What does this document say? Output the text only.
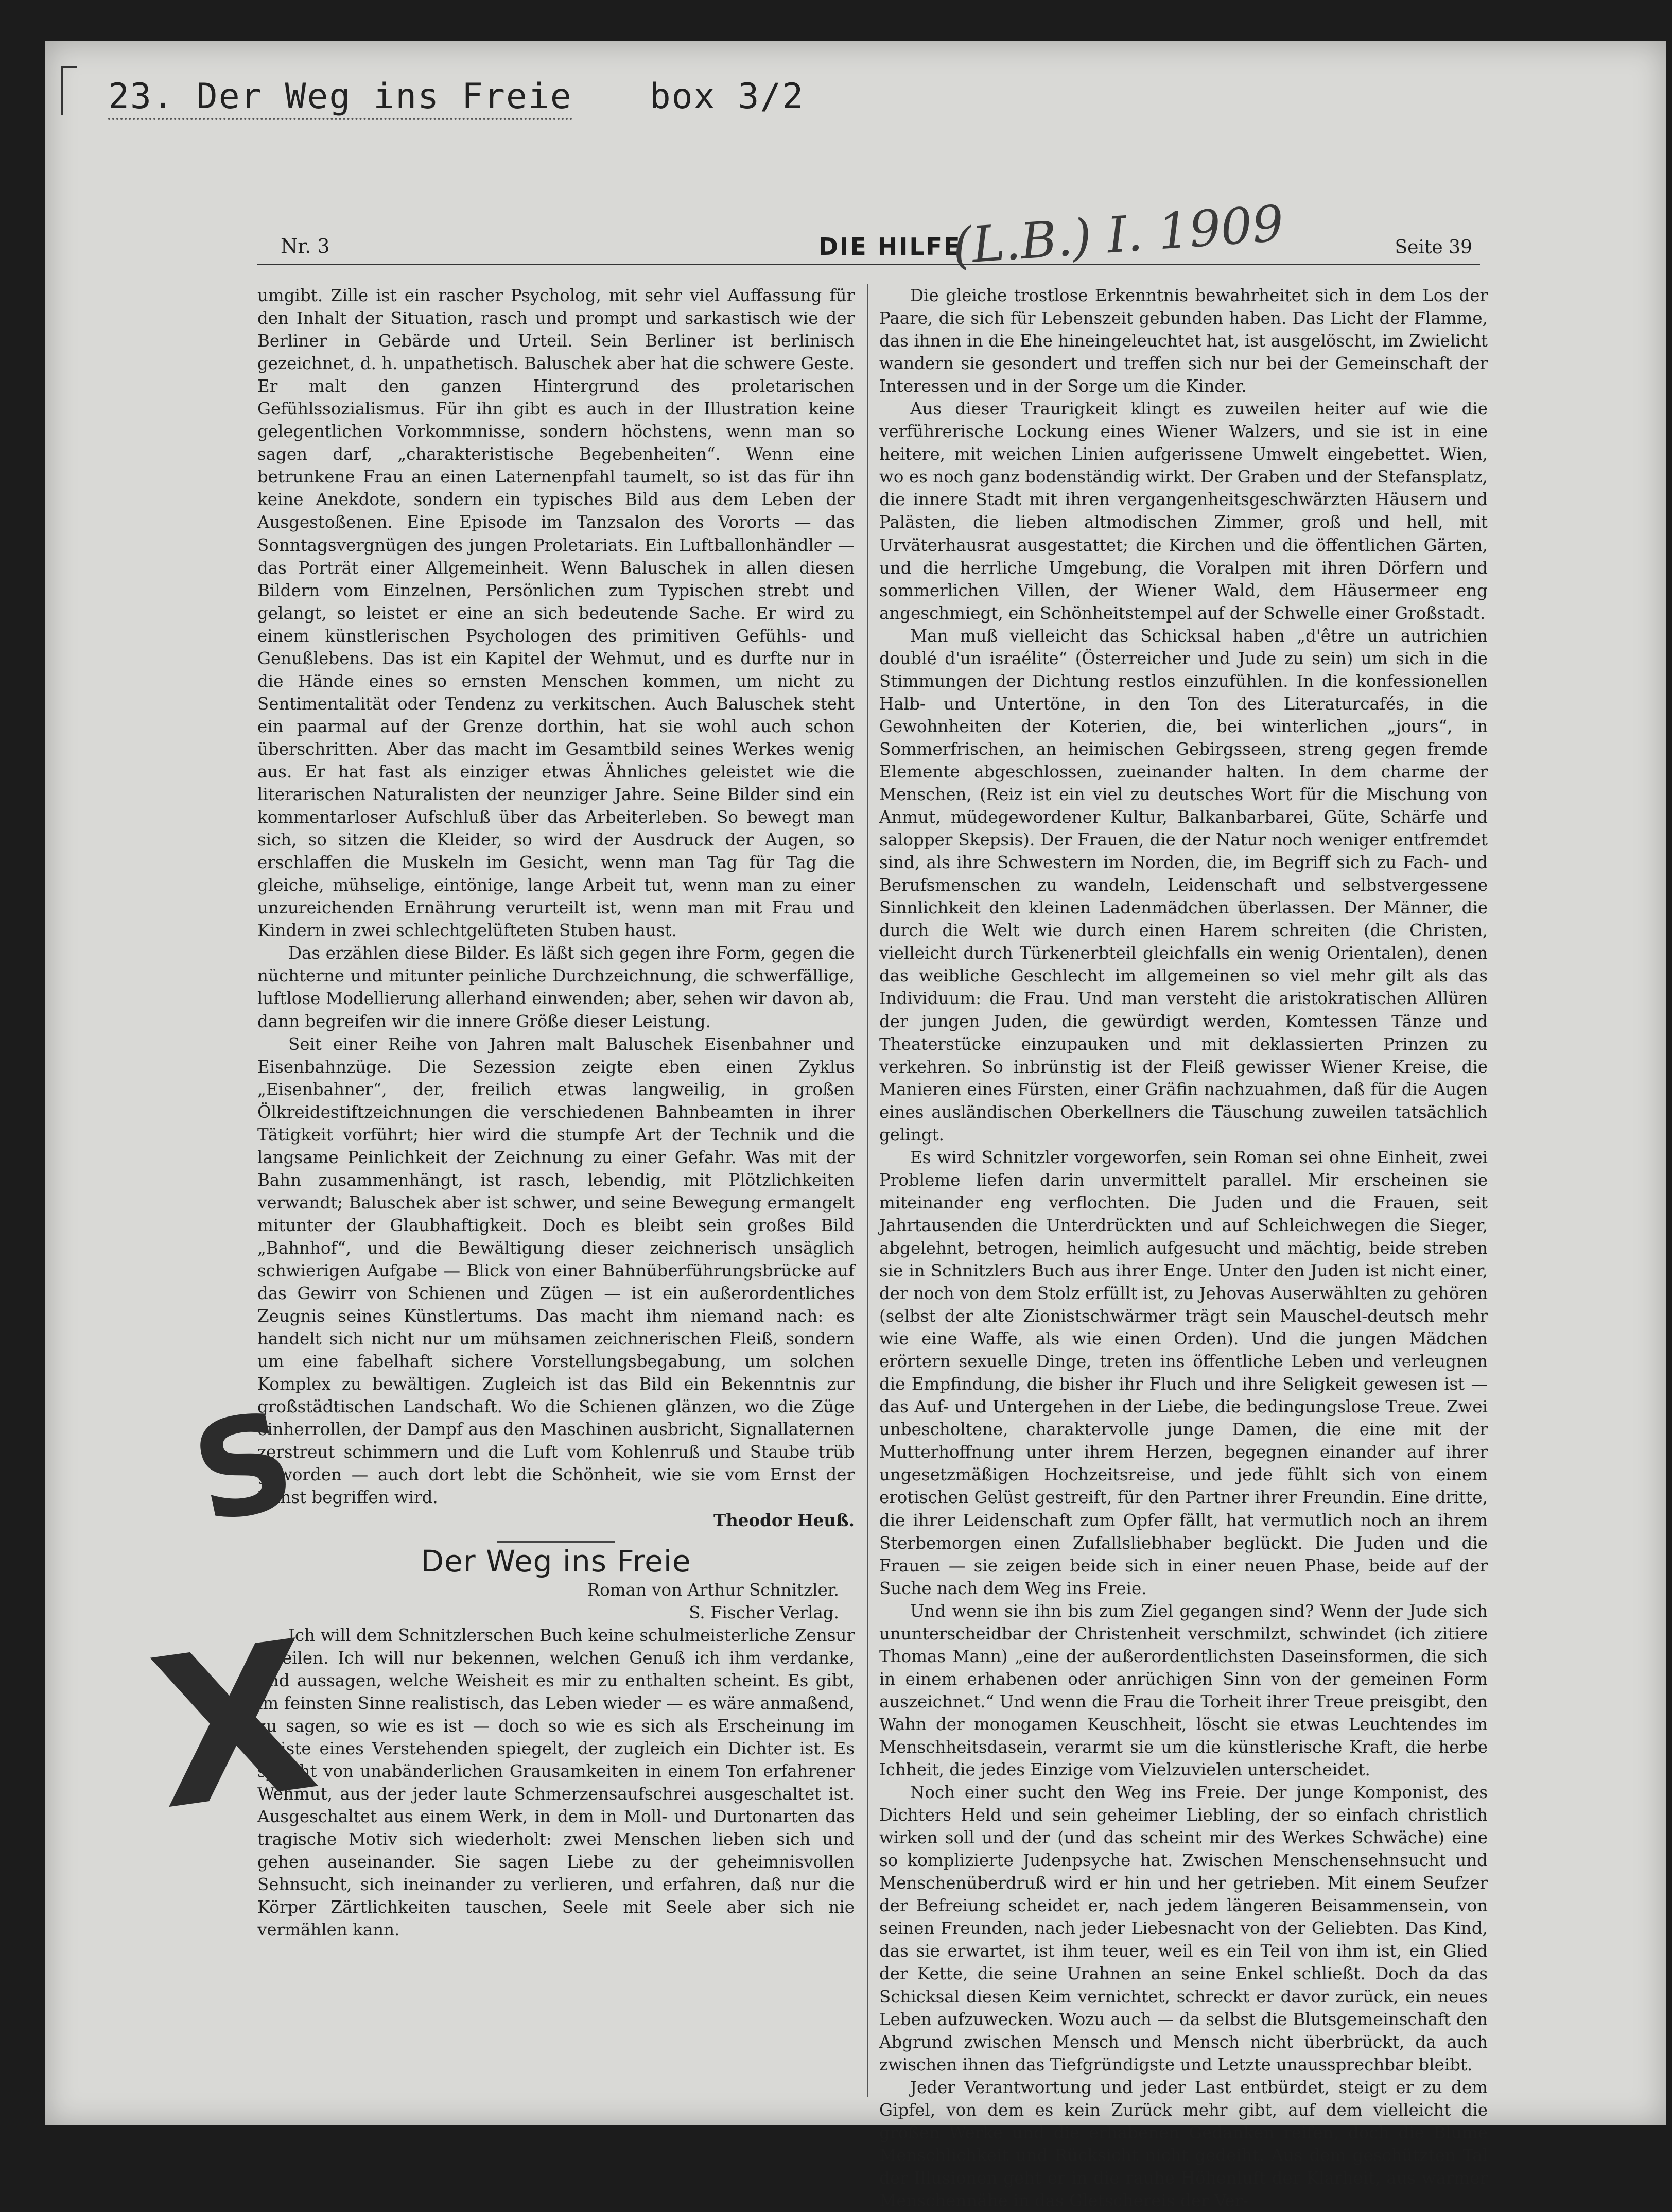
23. Der Weg ins Freie box 3/2
Nr. 3	DIE HILFE	Seite 39
(L.B.) I. 1909

umgibt. Zille ist ein rascher Psycholog, mit sehr viel Auffassung für den Inhalt der Situation, rasch und prompt und sarkastisch wie der Berliner in Gebärde und Urteil. Sein Berliner ist berlinisch gezeichnet, d. h. unpathetisch. Baluschek aber hat die schwere Geste. Er malt den ganzen Hintergrund des proletarischen Gefühlssozialismus. Für ihn gibt es auch in der Illustration keine gelegentlichen Vorkommnisse, sondern höchstens, wenn man so sagen darf, „charakteristische Begebenheiten“. Wenn eine betrunkene Frau an einen Laternenpfahl taumelt, so ist das für ihn keine Anekdote, sondern ein typisches Bild aus dem Leben der Ausgestoßenen. Eine Episode im Tanzsalon des Vororts — das Sonntagsvergnügen des jungen Proletariats. Ein Luftballonhändler — das Porträt einer Allgemeinheit. Wenn Baluschek in allen diesen Bildern vom Einzelnen, Persönlichen zum Typischen strebt und gelangt, so leistet er eine an sich bedeutende Sache. Er wird zu einem künstlerischen Psychologen des primitiven Gefühls- und Genußlebens. Das ist ein Kapitel der Wehmut, und es durfte nur in die Hände eines so ernsten Menschen kommen, um nicht zu Sentimentalität oder Tendenz zu verkitschen. Auch Baluschek steht ein paarmal auf der Grenze dorthin, hat sie wohl auch schon überschritten. Aber das macht im Gesamtbild seines Werkes wenig aus. Er hat fast als einziger etwas Ähnliches geleistet wie die literarischen Naturalisten der neunziger Jahre. Seine Bilder sind ein kommentarloser Aufschluß über das Arbeiterleben. So bewegt man sich, so sitzen die Kleider, so wird der Ausdruck der Augen, so erschlaffen die Muskeln im Gesicht, wenn man Tag für Tag die gleiche, mühselige, eintönige, lange Arbeit tut, wenn man zu einer unzureichenden Ernährung verurteilt ist, wenn man mit Frau und Kindern in zwei schlechtgelüfteten Stuben haust.

Das erzählen diese Bilder. Es läßt sich gegen ihre Form, gegen die nüchterne und mitunter peinliche Durchzeichnung, die schwerfällige, luftlose Modellierung allerhand einwenden; aber, sehen wir davon ab, dann begreifen wir die innere Größe dieser Leistung.

Seit einer Reihe von Jahren malt Baluschek Eisenbahner und Eisenbahnzüge. Die Sezession zeigte eben einen Zyklus „Eisenbahner“, der, freilich etwas langweilig, in großen Ölkreidestiftzeichnungen die verschiedenen Bahnbeamten in ihrer Tätigkeit vorführt; hier wird die stumpfe Art der Technik und die langsame Peinlichkeit der Zeichnung zu einer Gefahr. Was mit der Bahn zusammenhängt, ist rasch, lebendig, mit Plötzlichkeiten verwandt; Baluschek aber ist schwer, und seine Bewegung ermangelt mitunter der Glaubhaftigkeit. Doch es bleibt sein großes Bild „Bahnhof“, und die Bewältigung dieser zeichnerisch unsäglich schwierigen Aufgabe — Blick von einer Bahnüberführungsbrücke auf das Gewirr von Schienen und Zügen — ist ein außerordentliches Zeugnis seines Künstlertums. Das macht ihm niemand nach: es handelt sich nicht nur um mühsamen zeichnerischen Fleiß, sondern um eine fabelhaft sichere Vorstellungsbegabung, um solchen Komplex zu bewältigen. Zugleich ist das Bild ein Bekenntnis zur großstädtischen Landschaft. Wo die Schienen glänzen, wo die Züge einherrollen, der Dampf aus den Maschinen ausbricht, Signallaternen zerstreut schimmern und die Luft vom Kohlenruß und Staube trüb geworden — auch dort lebt die Schönheit, wie sie vom Ernst der Kunst begriffen wird.

Theodor Heuß.
Der Weg ins Freie
Roman von Arthur Schnitzler.
S. Fischer Verlag.

Ich will dem Schnitzlerschen Buch keine schulmeisterliche Zensur erteilen. Ich will nur bekennen, welchen Genuß ich ihm verdanke, und aussagen, welche Weisheit es mir zu enthalten scheint. Es gibt, im feinsten Sinne realistisch, das Leben wieder — es wäre anmaßend, zu sagen, so wie es ist — doch so wie es sich als Erscheinung im Geiste eines Verstehenden spiegelt, der zugleich ein Dichter ist. Es spricht von unabänderlichen Grausamkeiten in einem Ton erfahrener Wehmut, aus der jeder laute Schmerzensaufschrei ausgeschaltet ist. Ausgeschaltet aus einem Werk, in dem in Moll- und Durtonarten das tragische Motiv sich wiederholt: zwei Menschen lieben sich und gehen auseinander. Sie sagen Liebe zu der geheimnisvollen Sehnsucht, sich ineinander zu verlieren, und erfahren, daß nur die Körper Zärtlichkeiten tauschen, Seele mit Seele aber sich nie vermählen kann.

Die gleiche trostlose Erkenntnis bewahrheitet sich in dem Los der Paare, die sich für Lebenszeit gebunden haben. Das Licht der Flamme, das ihnen in die Ehe hineingeleuchtet hat, ist ausgelöscht, im Zwielicht wandern sie gesondert und treffen sich nur bei der Gemeinschaft der Interessen und in der Sorge um die Kinder.

Aus dieser Traurigkeit klingt es zuweilen heiter auf wie die verführerische Lockung eines Wiener Walzers, und sie ist in eine heitere, mit weichen Linien aufgerissene Umwelt eingebettet. Wien, wo es noch ganz bodenständig wirkt. Der Graben und der Stefansplatz, die innere Stadt mit ihren vergangenheitsgeschwärzten Häusern und Palästen, die lieben altmodischen Zimmer, groß und hell, mit Urväterhausrat ausgestattet; die Kirchen und die öffentlichen Gärten, und die herrliche Umgebung, die Voralpen mit ihren Dörfern und sommerlichen Villen, der Wiener Wald, dem Häusermeer eng angeschmiegt, ein Schönheitstempel auf der Schwelle einer Großstadt.

Man muß vielleicht das Schicksal haben „d'être un autrichien doublé d'un israélite“ (Österreicher und Jude zu sein) um sich in die Stimmungen der Dichtung restlos einzufühlen. In die konfessionellen Halb- und Untertöne, in den Ton des Literaturcafés, in die Gewohnheiten der Koterien, die, bei winterlichen „jours“, in Sommerfrischen, an heimischen Gebirgsseen, streng gegen fremde Elemente abgeschlossen, zueinander halten. In dem charme der Menschen, (Reiz ist ein viel zu deutsches Wort für die Mischung von Anmut, müdegewordener Kultur, Balkanbarbarei, Güte, Schärfe und salopper Skepsis). Der Frauen, die der Natur noch weniger entfremdet sind, als ihre Schwestern im Norden, die, im Begriff sich zu Fach- und Berufsmenschen zu wandeln, Leidenschaft und selbstvergessene Sinnlichkeit den kleinen Ladenmädchen überlassen. Der Männer, die durch die Welt wie durch einen Harem schreiten (die Christen, vielleicht durch Türkenerbteil gleichfalls ein wenig Orientalen), denen das weibliche Geschlecht im allgemeinen so viel mehr gilt als das Individuum: die Frau. Und man versteht die aristokratischen Allüren der jungen Juden, die gewürdigt werden, Komtessen Tänze und Theaterstücke einzupauken und mit deklassierten Prinzen zu verkehren. So inbrünstig ist der Fleiß gewisser Wiener Kreise, die Manieren eines Fürsten, einer Gräfin nachzuahmen, daß für die Augen eines ausländischen Oberkellners die Täuschung zuweilen tatsächlich gelingt.

Es wird Schnitzler vorgeworfen, sein Roman sei ohne Einheit, zwei Probleme liefen darin unvermittelt parallel. Mir erscheinen sie miteinander eng verflochten. Die Juden und die Frauen, seit Jahrtausenden die Unterdrückten und auf Schleichwegen die Sieger, abgelehnt, betrogen, heimlich aufgesucht und mächtig, beide streben sie in Schnitzlers Buch aus ihrer Enge. Unter den Juden ist nicht einer, der noch von dem Stolz erfüllt ist, zu Jehovas Auserwählten zu gehören (selbst der alte Zionistschwärmer trägt sein Mauschel-deutsch mehr wie eine Waffe, als wie einen Orden). Und die jungen Mädchen erörtern sexuelle Dinge, treten ins öffentliche Leben und verleugnen die Empfindung, die bisher ihr Fluch und ihre Seligkeit gewesen ist — das Auf- und Untergehen in der Liebe, die bedingungslose Treue. Zwei unbescholtene, charaktervolle junge Damen, die eine mit der Mutterhoffnung unter ihrem Herzen, begegnen einander auf ihrer ungesetzmäßigen Hochzeitsreise, und jede fühlt sich von einem erotischen Gelüst gestreift, für den Partner ihrer Freundin. Eine dritte, die ihrer Leidenschaft zum Opfer fällt, hat vermutlich noch an ihrem Sterbemorgen einen Zufallsliebhaber beglückt. Die Juden und die Frauen — sie zeigen beide sich in einer neuen Phase, beide auf der Suche nach dem Weg ins Freie.

Und wenn sie ihn bis zum Ziel gegangen sind? Wenn der Jude sich ununterscheidbar der Christenheit verschmilzt, schwindet (ich zitiere Thomas Mann) „eine der außerordentlichsten Daseinsformen, die sich in einem erhabenen oder anrüchigen Sinn von der gemeinen Form auszeichnet.“ Und wenn die Frau die Torheit ihrer Treue preisgibt, den Wahn der monogamen Keuschheit, löscht sie etwas Leuchtendes im Menschheitsdasein, verarmt sie um die künstlerische Kraft, die herbe Ichheit, die jedes Einzige vom Vielzuvielen unterscheidet.

Noch einer sucht den Weg ins Freie. Der junge Komponist, des Dichters Held und sein geheimer Liebling, der so einfach christlich wirken soll und der (und das scheint mir des Werkes Schwäche) eine so komplizierte Judenpsyche hat. Zwischen Menschensehnsucht und Menschenüberdruß wird er hin und her getrieben. Mit einem Seufzer der Befreiung scheidet er, nach jedem längeren Beisammensein, von seinen Freunden, nach jeder Liebesnacht von der Geliebten. Das Kind, das sie erwartet, ist ihm teuer, weil es ein Teil von ihm ist, ein Glied der Kette, die seine Urahnen an seine Enkel schließt. Doch da das Schicksal diesen Keim vernichtet, schreckt er davor zurück, ein neues Leben aufzuwecken. Wozu auch — da selbst die Blutsgemeinschaft den Abgrund zwischen Mensch und Mensch nicht überbrückt, da auch zwischen ihnen das Tiefgründigste und Letzte unaussprechbar bleibt.

Jeder Verantwortung und jeder Last entbürdet, steigt er zu dem Gipfel, von dem es kein Zurück mehr gibt, auf dem vielleicht die großen Werke und die erhabenen Gedanken reifen, doch die Blume Menschlichkeit und Rücksicht nicht gedeiht. Aus dem geschützten Tal der Illusionen geht er in die rauhe Höhenluft der Klarheit, aus warmer Menschennähe in das Gletschereis der Ver-

S
X
